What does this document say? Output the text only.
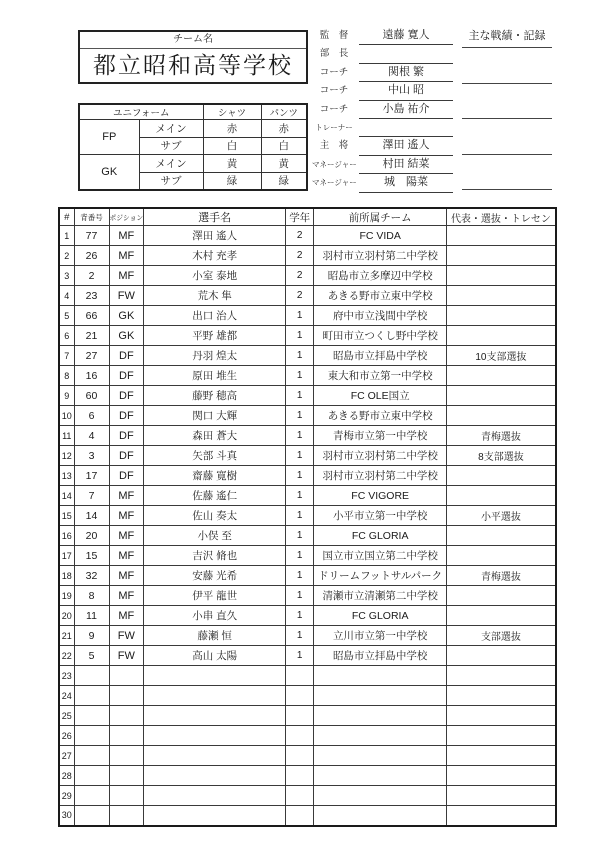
チーム名
都立昭和高等学校
監　督	遠藤 寛人
部　長
コーチ	関根 繁
コーチ	中山 昭
コーチ	小島 祐介
トレーナー
主　将	澤田 遙人
マネージャー	村田 結菜
マネージャー	城　陽菜
主な戦績・記録
ユニフォーム		シャツ	パンツ
FP	メイン	赤	赤
	サブ	白	白
GK	メイン	黄	黄
	サブ	緑	緑
#	背番号	ポジション	選手名	学年	前所属チーム	代表・選抜・トレセン
1	77	MF	澤田 遙人	2	FC VIDA	
2	26	MF	木村 充孝	2	羽村市立羽村第二中学校	
3	2	MF	小室 泰地	2	昭島市立多摩辺中学校	
4	23	FW	荒木 隼	2	あきる野市立東中学校	
5	66	GK	出口 治人	1	府中市立浅間中学校	
6	21	GK	平野 雄都	1	町田市立つくし野中学校	
7	27	DF	丹羽 煌太	1	昭島市立拝島中学校	10支部選抜
8	16	DF	原田 堆生	1	東大和市立第一中学校	
9	60	DF	藤野 穂高	1	FC OLE国立	
10	6	DF	関口 大輝	1	あきる野市立東中学校	
11	4	DF	森田 蒼大	1	青梅市立第一中学校	青梅選抜
12	3	DF	矢部 斗真	1	羽村市立羽村第二中学校	8支部選抜
13	17	DF	齋藤 寛樹	1	羽村市立羽村第二中学校	
14	7	MF	佐藤 遙仁	1	FC VIGORE	
15	14	MF	佐山 奏太	1	小平市立第一中学校	小平選抜
16	20	MF	小俣 至	1	FC GLORIA	
17	15	MF	吉沢 脩也	1	国立市立国立第二中学校	
18	32	MF	安藤 光希	1	ドリームフットサルパーク	青梅選抜
19	8	MF	伊平 龍世	1	清瀬市立清瀬第二中学校	
20	11	MF	小串 直久	1	FC GLORIA	
21	9	FW	藤瀬 恒	1	立川市立第一中学校	支部選抜
22	5	FW	高山 太陽	1	昭島市立拝島中学校	
23						
24						
25						
26						
27						
28						
29						
30						
